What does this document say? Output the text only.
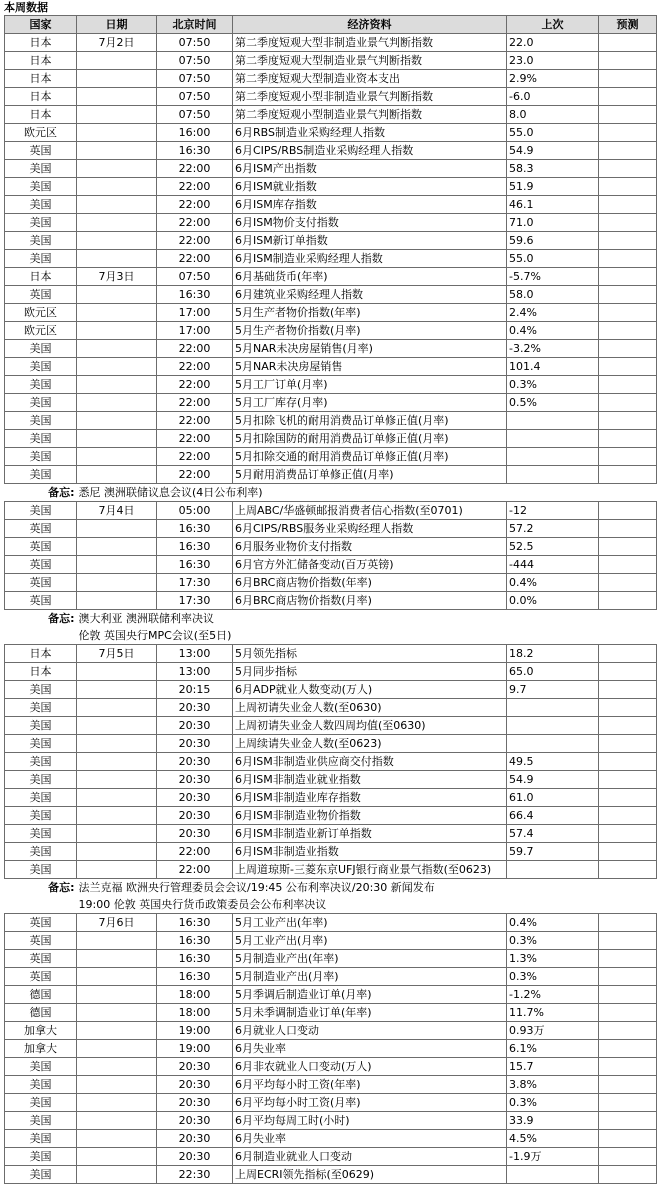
本周数据
国家	日期	北京时间	经济资料	上次	预测
日本	7月2日	07:50	第二季度短观大型非制造业景气判断指数	22.0	
日本		07:50	第二季度短观大型制造业景气判断指数	23.0	
日本		07:50	第二季度短观大型制造业资本支出	2.9%	
日本		07:50	第二季度短观小型非制造业景气判断指数	-6.0	
日本		07:50	第二季度短观小型制造业景气判断指数	8.0	
欧元区		16:00	6月RBS制造业采购经理人指数	55.0	
英国		16:30	6月CIPS/RBS制造业采购经理人指数	54.9	
美国		22:00	6月ISM产出指数	58.3	
美国		22:00	6月ISM就业指数	51.9	
美国		22:00	6月ISM库存指数	46.1	
美国		22:00	6月ISM物价支付指数	71.0	
美国		22:00	6月ISM新订单指数	59.6	
美国		22:00	6月ISM制造业采购经理人指数	55.0	
日本	7月3日	07:50	6月基础货币(年率)	-5.7%	
英国		16:30	6月建筑业采购经理人指数	58.0	
欧元区		17:00	5月生产者物价指数(年率)	2.4%	
欧元区		17:00	5月生产者物价指数(月率)	0.4%	
美国		22:00	5月NAR未决房屋销售(月率)	-3.2%	
美国		22:00	5月NAR未决房屋销售	101.4	
美国		22:00	5月工厂订单(月率)	0.3%	
美国		22:00	5月工厂库存(月率)	0.5%	
美国		22:00	5月扣除飞机的耐用消费品订单修正值(月率)		
美国		22:00	5月扣除国防的耐用消费品订单修正值(月率)		
美国		22:00	5月扣除交通的耐用消费品订单修正值(月率)		
美国		22:00	5月耐用消费品订单修正值(月率)		
备忘:	悉尼 澳洲联储议息会议(4日公布利率)				

美国	7月4日	05:00	上周ABC/华盛顿邮报消费者信心指数(至0701)	-12	
英国		16:30	6月CIPS/RBS服务业采购经理人指数	57.2	
英国		16:30	6月服务业物价支付指数	52.5	
英国		16:30	6月官方外汇储备变动(百万英镑)	-444	
英国		17:30	6月BRC商店物价指数(年率)	0.4%	
英国		17:30	6月BRC商店物价指数(月率)	0.0%	
备忘:	澳大利亚 澳洲联储利率决议
伦敦 英国央行MPC会议(至5日)				

日本	7月5日	13:00	5月领先指标	18.2	
日本		13:00	5月同步指标	65.0	
美国		20:15	6月ADP就业人数变动(万人)	9.7	
美国		20:30	上周初请失业金人数(至0630)		
美国		20:30	上周初请失业金人数四周均值(至0630)		
美国		20:30	上周续请失业金人数(至0623)		
美国		20:30	6月ISM非制造业供应商交付指数	49.5	
美国		20:30	6月ISM非制造业就业指数	54.9	
美国		20:30	6月ISM非制造业库存指数	61.0	
美国		20:30	6月ISM非制造业物价指数	66.4	
美国		20:30	6月ISM非制造业新订单指数	57.4	
美国		22:00	6月ISM非制造业指数	59.7	
美国		22:00	上周道琼斯-三菱东京UFJ银行商业景气指数(至0623)		
备忘:	法兰克福 欧洲央行管理委员会会议/19:45 公布利率决议/20:30 新闻发布
19:00 伦敦 英国央行货币政策委员会公布利率决议				

英国	7月6日	16:30	5月工业产出(年率)	0.4%	
英国		16:30	5月工业产出(月率)	0.3%	
英国		16:30	5月制造业产出(年率)	1.3%	
英国		16:30	5月制造业产出(月率)	0.3%	
德国		18:00	5月季调后制造业订单(月率)	-1.2%	
德国		18:00	5月未季调制造业订单(年率)	11.7%	
加拿大		19:00	6月就业人口变动	0.93万	
加拿大		19:00	6月失业率	6.1%	
美国		20:30	6月非农就业人口变动(万人)	15.7	
美国		20:30	6月平均每小时工资(年率)	3.8%	
美国		20:30	6月平均每小时工资(月率)	0.3%	
美国		20:30	6月平均每周工时(小时)	33.9	
美国		20:30	6月失业率	4.5%	
美国		20:30	6月制造业就业人口变动	-1.9万	
美国		22:30	上周ECRI领先指标(至0629)		
